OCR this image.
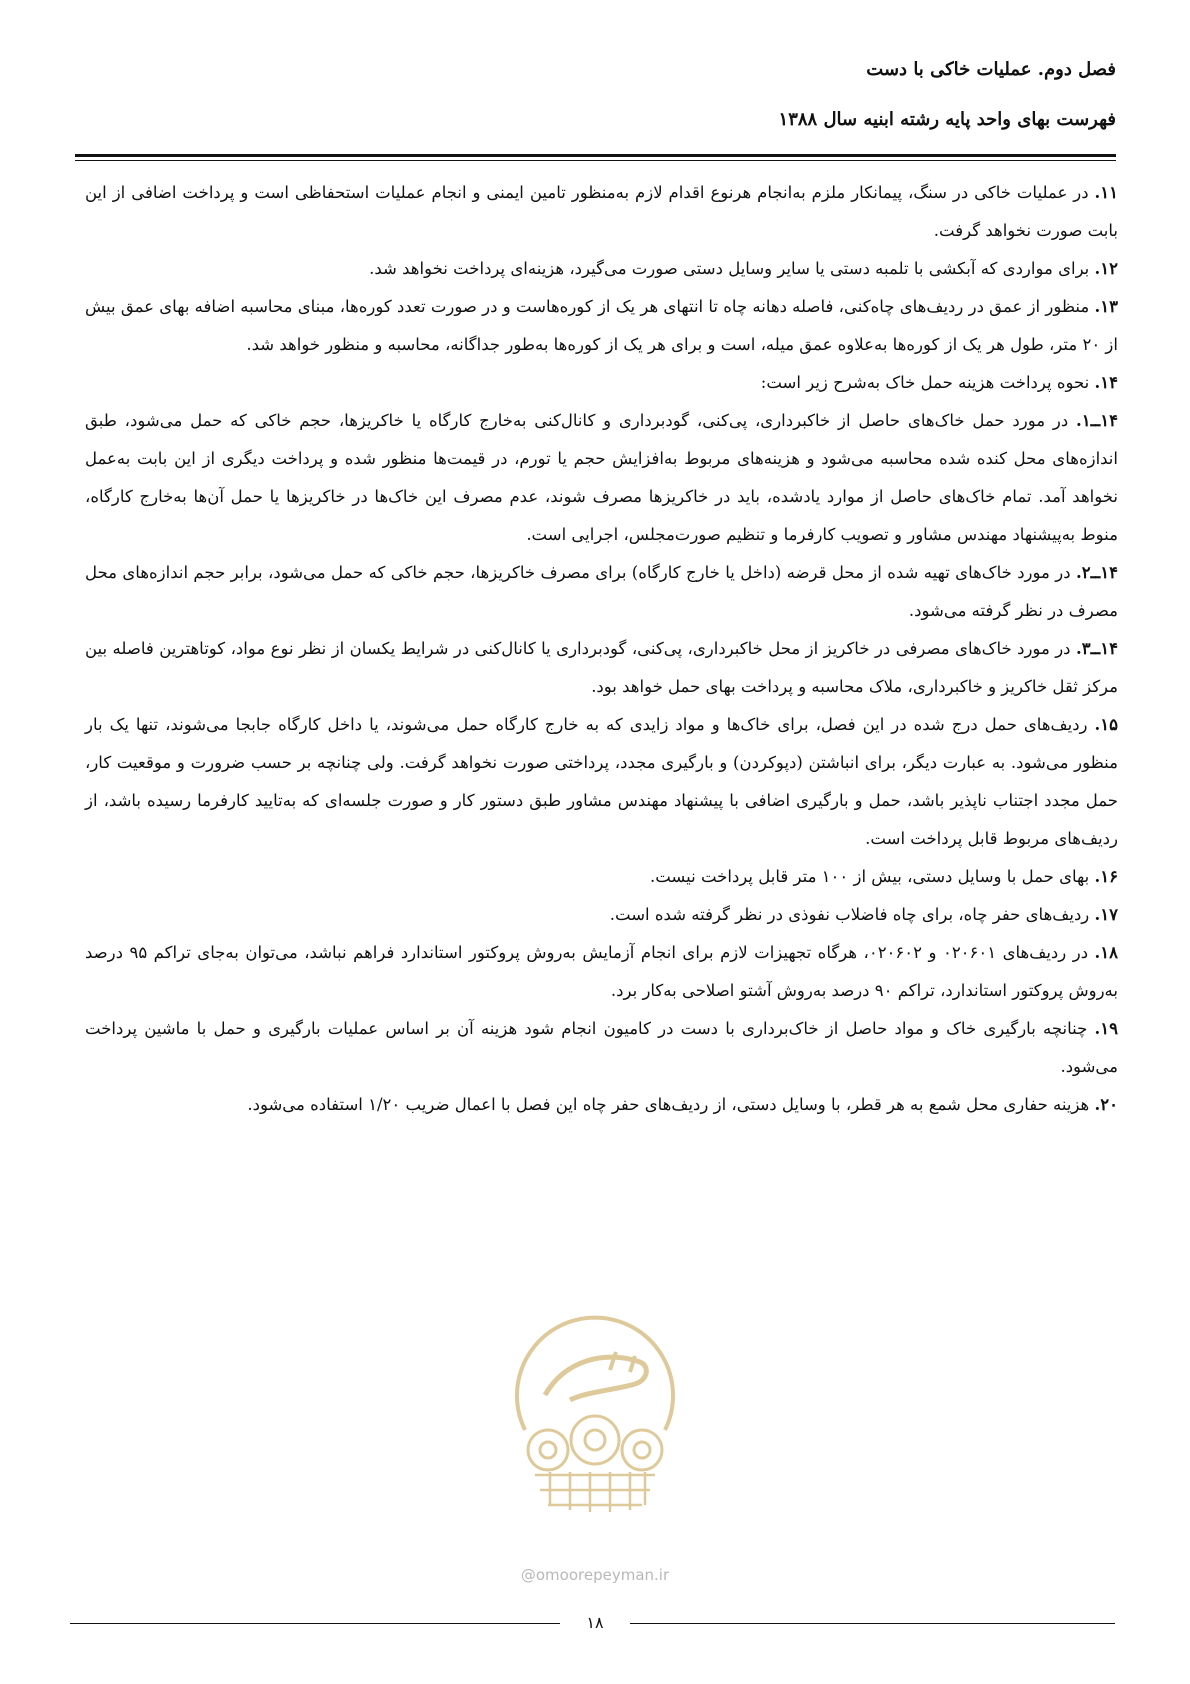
فصل دوم. عملیات خاکی با دست
فهرست بهای واحد پایه رشته ابنیه سال ۱۳۸۸

۱۱. در عملیات خاکی در سنگ، پیمانکار ملزم به‌انجام هرنوع اقدام لازم به‌منظور تامین ایمنی و انجام عملیات استحفاظی است و پرداخت اضافی از این بابت صورت نخواهد گرفت.

۱۲. برای مواردی که آبکشی با تلمبه دستی یا سایر وسایل دستی صورت می‌گیرد، هزینه‌ای پرداخت نخواهد شد.

۱۳. منظور از عمق در ردیف‌های چاه‌کنی، فاصله دهانه چاه تا انتهای هر یک از کوره‌هاست و در صورت تعدد کوره‌ها، مبنای محاسبه اضافه بهای عمق بیش از ۲۰ متر، طول هر یک از کوره‌ها به‌علاوه عمق میله، است و برای هر یک از کوره‌ها به‌طور جداگانه، محاسبه و منظور خواهد شد.

۱۴. نحوه پرداخت هزینه حمل خاک به‌شرح زیر است:

۱۴ــ۱. در مورد حمل خاک‌های حاصل از خاکبرداری، پی‌کنی، گودبرداری و کانال‌کنی به‌خارج کارگاه یا خاکریزها، حجم خاکی که حمل می‌شود، طبق اندازه‌های محل کنده شده محاسبه می‌شود و هزینه‌های مربوط به‌افزایش حجم یا تورم، در قیمت‌ها منظور شده و پرداخت دیگری از این بابت به‌عمل نخواهد آمد. تمام خاک‌های حاصل از موارد یادشده، باید در خاکریزها مصرف شوند، عدم مصرف این خاک‌ها در خاکریزها یا حمل آن‌ها به‌خارج کارگاه، منوط به‌پیشنهاد مهندس مشاور و تصویب کارفرما و تنظیم صورت‌مجلس، اجرایی است.

۱۴ــ۲. در مورد خاک‌های تهیه شده از محل قرضه (داخل یا خارج کارگاه) برای مصرف خاکریزها، حجم خاکی که حمل می‌شود، برابر حجم اندازه‌های محل مصرف در نظر گرفته می‌شود.

۱۴ــ۳. در مورد خاک‌های مصرفی در خاکریز از محل خاکبرداری، پی‌کنی، گودبرداری یا کانال‌کنی در شرایط یکسان از نظر نوع مواد، کوتاهترین فاصله بین مرکز ثقل خاکریز و خاکبرداری، ملاک محاسبه و پرداخت بهای حمل خواهد بود.

۱۵. ردیف‌های حمل درج شده در این فصل، برای خاک‌ها و مواد زایدی که به خارج کارگاه حمل می‌شوند، یا داخل کارگاه جابجا می‌شوند، تنها یک بار منظور می‌شود. به عبارت دیگر، برای انباشتن (دپوکردن) و بارگیری مجدد، پرداختی صورت نخواهد گرفت. ولی چنانچه بر حسب ضرورت و موقعیت کار، حمل مجدد اجتناب ناپذیر باشد، حمل و بارگیری اضافی با پیشنهاد مهندس مشاور طبق دستور کار و صورت جلسه‌ای که به‌تایید کارفرما رسیده باشد، از ردیف‌های مربوط قابل پرداخت است.

۱۶. بهای حمل با وسایل دستی، بیش از ۱۰۰ متر قابل پرداخت نیست.

۱۷. ردیف‌های حفر چاه، برای چاه فاضلاب نفوذی در نظر گرفته شده است.

۱۸. در ردیف‌های ۰۲۰۶۰۱ و ۰۲۰۶۰۲، هرگاه تجهیزات لازم برای انجام آزمایش به‌روش پروکتور استاندارد فراهم نباشد، می‌توان به‌جای تراکم ۹۵ درصد به‌روش پروکتور استاندارد، تراکم ۹۰ درصد به‌روش آشتو اصلاحی به‌کار برد.

۱۹. چنانچه بارگیری خاک و مواد حاصل از خاک‌برداری با دست در کامیون انجام شود هزینه آن بر اساس عملیات بارگیری و حمل با ماشین پرداخت می‌شود.

۲۰. هزینه حفاری محل شمع به هر قطر، با وسایل دستی، از ردیف‌های حفر چاه این فصل با اعمال ضریب ۱/۲۰ استفاده می‌شود.

@omoorepeyman.ir
۱۸
